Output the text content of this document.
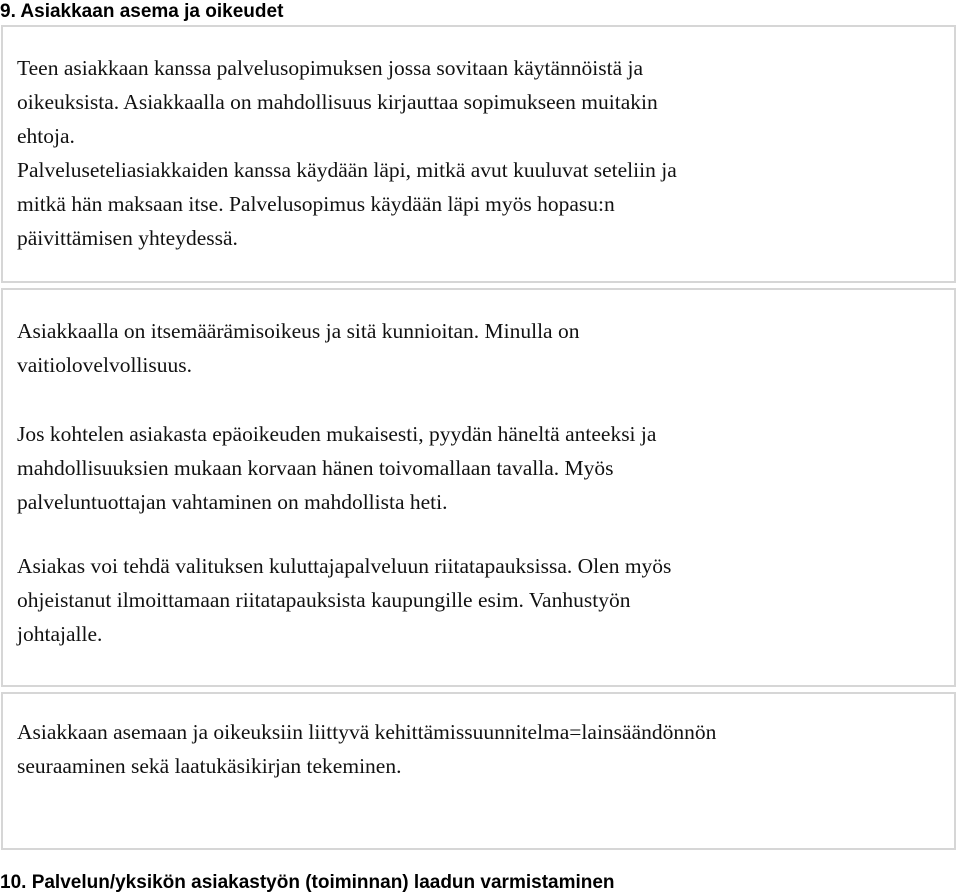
9. Asiakkaan asema ja oikeudet
Teen asiakkaan kanssa palvelusopimuksen jossa sovitaan käytännöistä ja
oikeuksista. Asiakkaalla on mahdollisuus kirjauttaa sopimukseen muitakin
ehtoja.
Palveluseteliasiakkaiden kanssa käydään läpi, mitkä avut kuuluvat seteliin ja
mitkä hän maksaan itse. Palvelusopimus käydään läpi myös hopasu:n
päivittämisen yhteydessä.
Asiakkaalla on itsemäärämisoikeus ja sitä kunnioitan. Minulla on
vaitiolovelvollisuus.
Jos kohtelen asiakasta epäoikeuden mukaisesti, pyydän häneltä anteeksi ja
mahdollisuuksien mukaan korvaan hänen toivomallaan tavalla. Myös
palveluntuottajan vahtaminen on mahdollista heti.
Asiakas voi tehdä valituksen kuluttajapalveluun riitatapauksissa. Olen myös
ohjeistanut ilmoittamaan riitatapauksista kaupungille esim. Vanhustyön
johtajalle.
Asiakkaan asemaan ja oikeuksiin liittyvä kehittämissuunnitelma=lainsäändönnön
seuraaminen sekä laatukäsikirjan tekeminen.
10. Palvelun/yksikön asiakastyön (toiminnan) laadun varmistaminen
